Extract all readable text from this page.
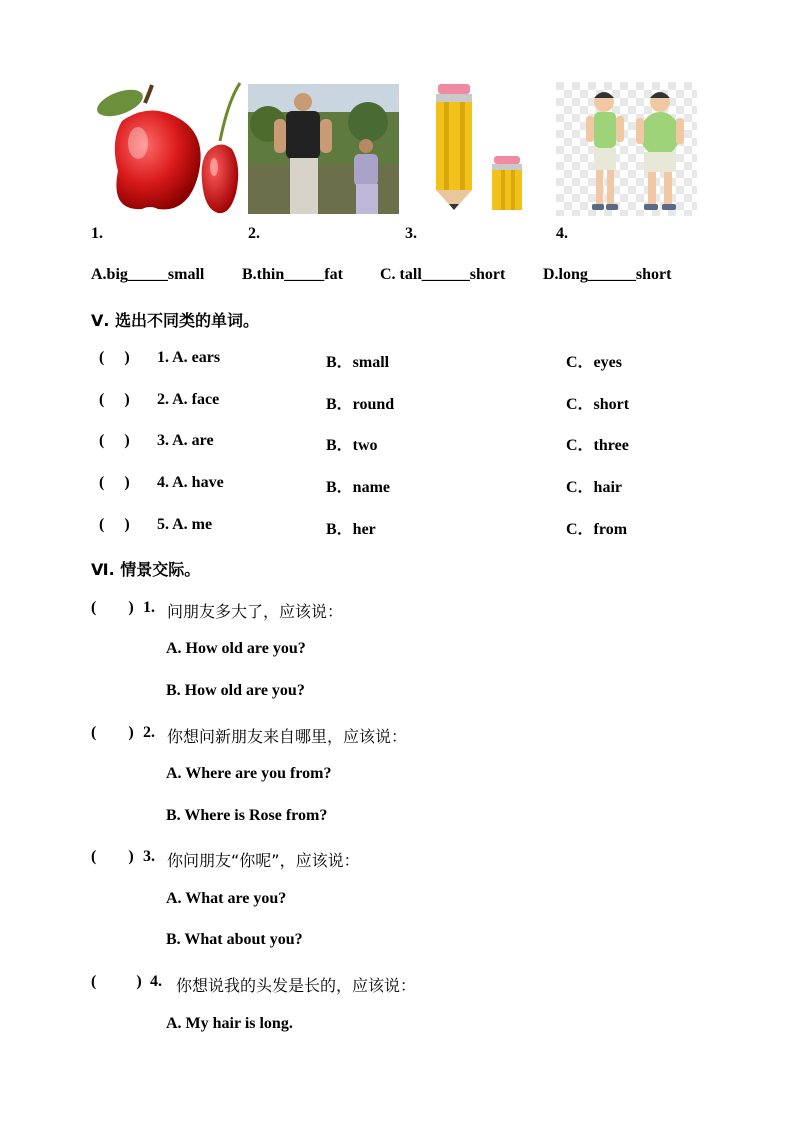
1.	2.	3.	4.
A.big_____small B.thin_____fat C. tall______short D.long______short
Ⅴ. 选出不同类的单词。
(     ) 1. A. ears	B．small	C．eyes
(     ) 2. A. face	B．round	C．short
(     ) 3. A. are	B．two	C．three
(     ) 4. A. have	B．name	C．hair
(     ) 5. A. me	B．her	C．from
Ⅵ. 情景交际。
(        ) 1. 问朋友多大了，应该说：
A. How old are you?
B. How old are you?
(        ) 2. 你想问新朋友来自哪里，应该说：
A. Where are you from?
B. Where is Rose from?
(        ) 3. 你问朋友“你呢”，应该说：
A. What are you?
B. What about you?
(          ) 4. 你想说我的头发是长的，应该说：
A. My hair is long.
